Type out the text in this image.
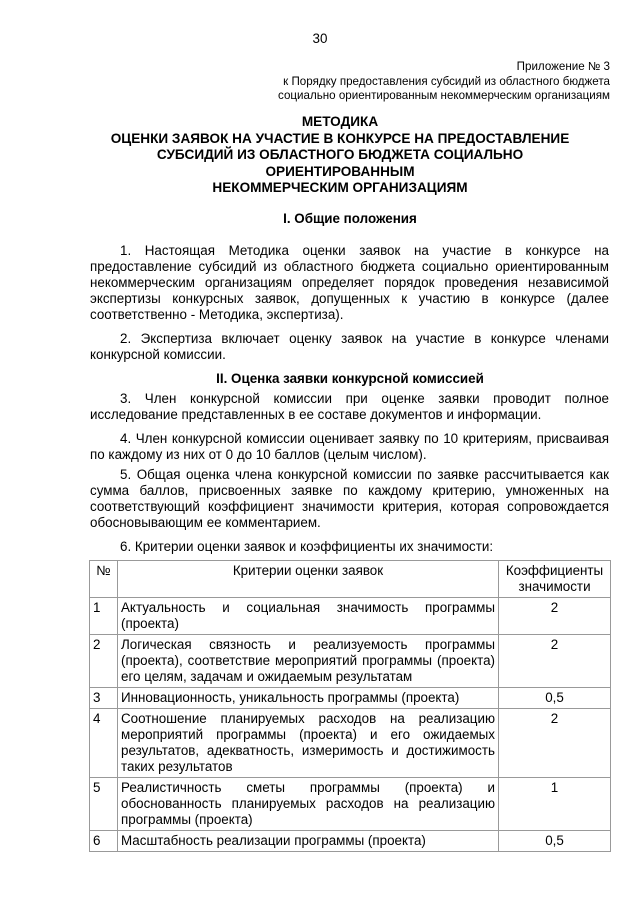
30
Приложение № 3
к Порядку предоставления субсидий из областного бюджета
социально ориентированным некоммерческим организациям
МЕТОДИКА
ОЦЕНКИ ЗАЯВОК НА УЧАСТИЕ В КОНКУРСЕ НА ПРЕДОСТАВЛЕНИЕ
СУБСИДИЙ ИЗ ОБЛАСТНОГО БЮДЖЕТА СОЦИАЛЬНО
ОРИЕНТИРОВАННЫМ
НЕКОММЕРЧЕСКИМ ОРГАНИЗАЦИЯМ
I. Общие положения
1. Настоящая Методика оценки заявок на участие в конкурсе на предоставление субсидий из областного бюджета социально ориентированным некоммерческим организациям определяет порядок проведения независимой экспертизы конкурсных заявок, допущенных к участию в конкурсе (далее соответственно - Методика, экспертиза).
2. Экспертиза включает оценку заявок на участие в конкурсе членами конкурсной комиссии.
II. Оценка заявки конкурсной комиссией
3. Член конкурсной комиссии при оценке заявки проводит полное исследование представленных в ее составе документов и информации.
4. Член конкурсной комиссии оценивает заявку по 10 критериям, присваивая по каждому из них от 0 до 10 баллов (целым числом).
5. Общая оценка члена конкурсной комиссии по заявке рассчитывается как сумма баллов, присвоенных заявке по каждому критерию, умноженных на соответствующий коэффициент значимости критерия, которая сопровождается обосновывающим ее комментарием.
6. Критерии оценки заявок и коэффициенты их значимости:
№	Критерии оценки заявок	Коэффициенты значимости
1	Актуальность и социальная значимость программы (проекта)	2
2	Логическая связность и реализуемость программы (проекта), соответствие мероприятий программы (проекта) его целям, задачам и ожидаемым результатам	2
3	Инновационность, уникальность программы (проекта)	0,5
4	Соотношение планируемых расходов на реализацию мероприятий программы (проекта) и его ожидаемых результатов, адекватность, измеримость и достижимость таких результатов	2
5	Реалистичность сметы программы (проекта) и обоснованность планируемых расходов на реализацию программы (проекта)	1
6	Масштабность реализации программы (проекта)	0,5
